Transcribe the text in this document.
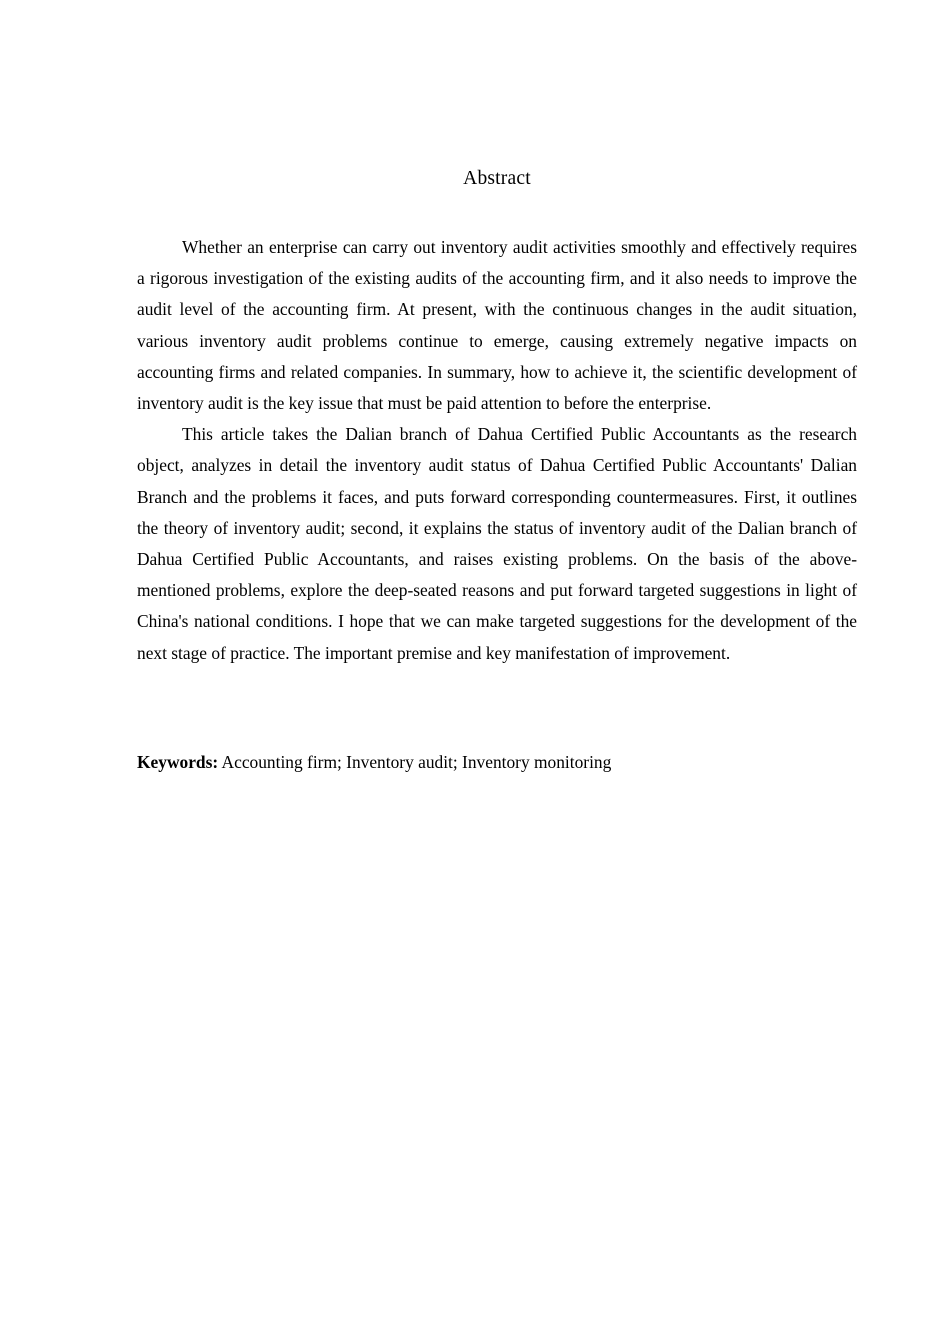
Abstract

Whether an enterprise can carry out inventory audit activities smoothly and effectively requires a rigorous investigation of the existing audits of the accounting firm, and it also needs to improve the audit level of the accounting firm. At present, with the continuous changes in the audit situation, various inventory audit problems continue to emerge, causing extremely negative impacts on accounting firms and related companies. In summary, how to achieve it, the scientific development of inventory audit is the key issue that must be paid attention to before the enterprise.

This article takes the Dalian branch of Dahua Certified Public Accountants as the research object, analyzes in detail the inventory audit status of Dahua Certified Public Accountants' Dalian Branch and the problems it faces, and puts forward corresponding countermeasures. First, it outlines the theory of inventory audit; second, it explains the status of inventory audit of the Dalian branch of Dahua Certified Public Accountants, and raises existing problems. On the basis of the above-mentioned problems, explore the deep-seated reasons and put forward targeted suggestions in light of China's national conditions. I hope that we can make targeted suggestions for the development of the next stage of practice. The important premise and key manifestation of improvement.

Keywords: Accounting firm; Inventory audit; Inventory monitoring
